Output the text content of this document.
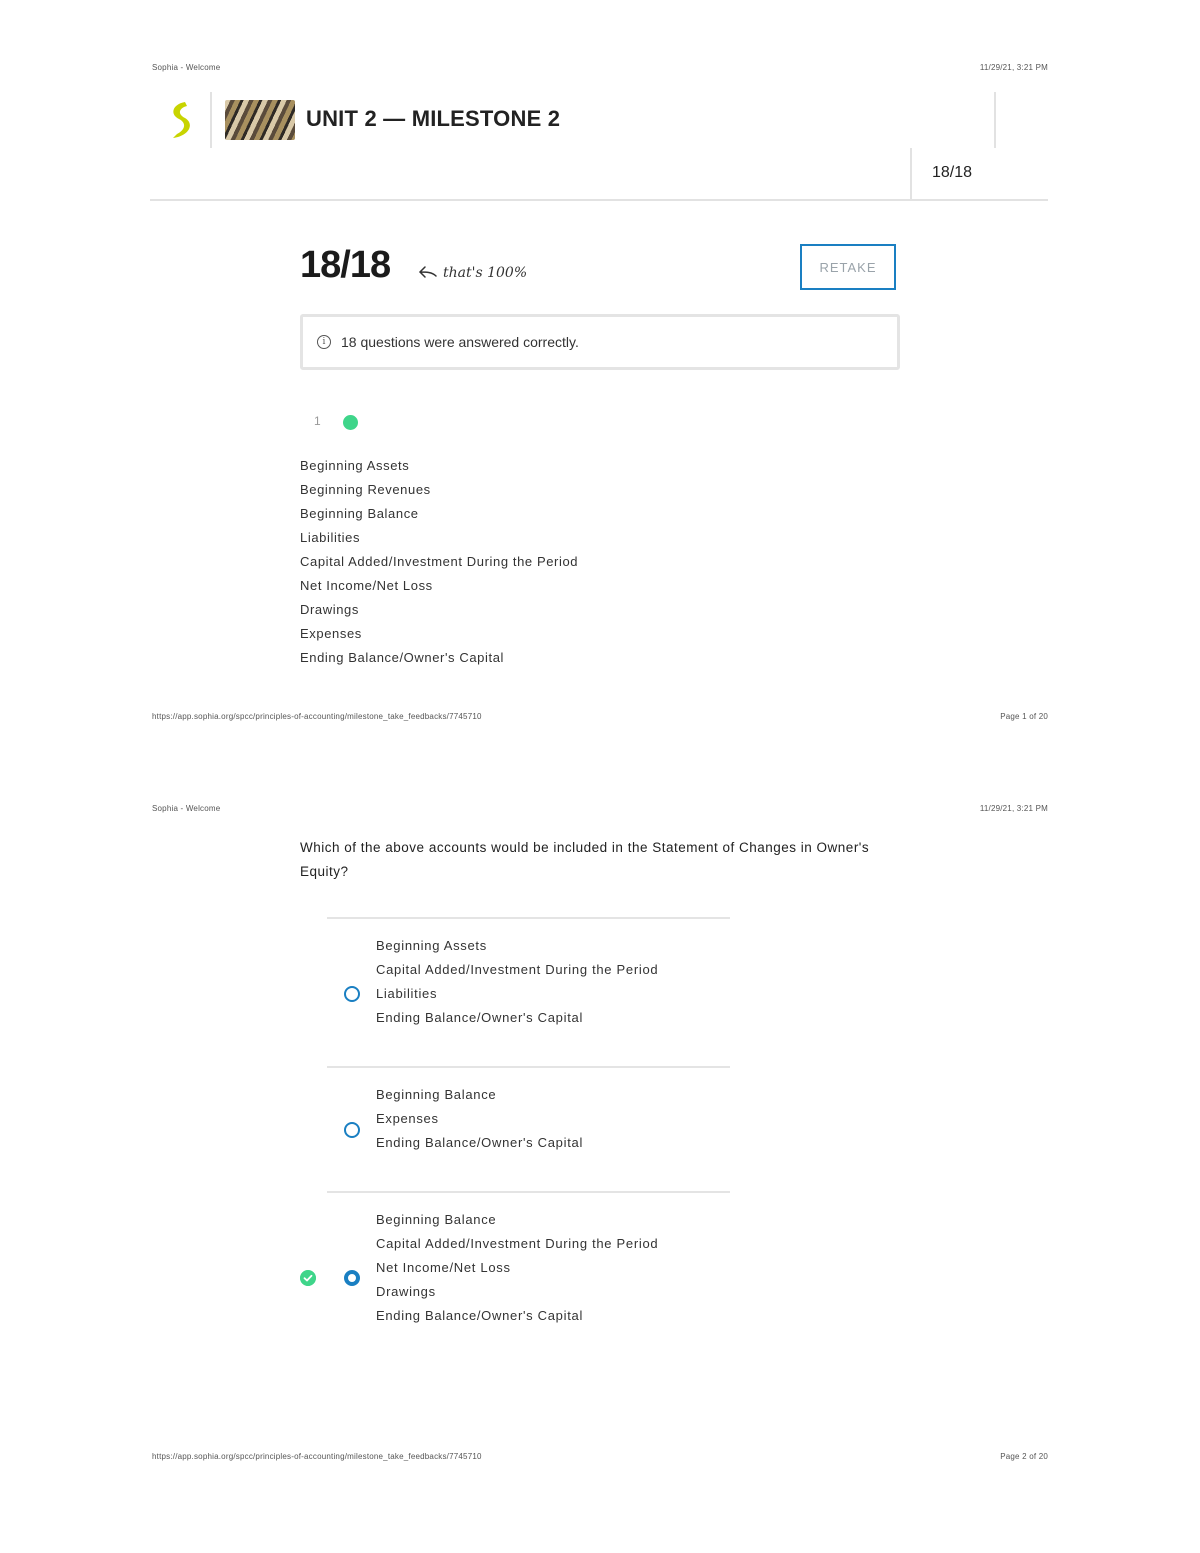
Sophia - Welcome	11/29/21, 3:21 PM
UNIT 2 — MILESTONE 2
18/18
18/18	that's 100%	RETAKE
i	18 questions were answered correctly.
1
Beginning Assets
Beginning Revenues
Beginning Balance
Liabilities
Capital Added/Investment During the Period
Net Income/Net Loss
Drawings
Expenses
Ending Balance/Owner's Capital
https://app.sophia.org/spcc/principles-of-accounting/milestone_take_feedbacks/7745710	Page 1 of 20
Sophia - Welcome	11/29/21, 3:21 PM
Which of the above accounts would be included in the Statement of Changes in Owner's Equity?
Beginning Assets
Capital Added/Investment During the Period
Liabilities
Ending Balance/Owner's Capital
Beginning Balance
Expenses
Ending Balance/Owner's Capital
Beginning Balance
Capital Added/Investment During the Period
Net Income/Net Loss
Drawings
Ending Balance/Owner's Capital
https://app.sophia.org/spcc/principles-of-accounting/milestone_take_feedbacks/7745710	Page 2 of 20
